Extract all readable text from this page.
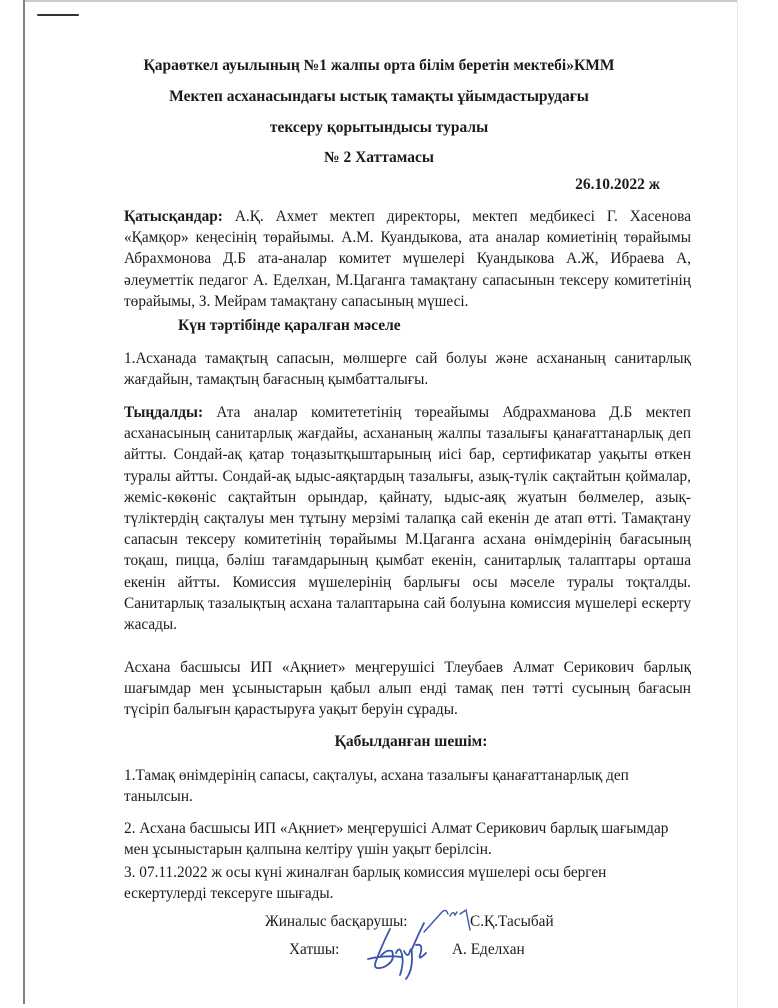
Қараөткел ауылының №1 жалпы орта білім беретін мектебі»КММ
Мектеп асханасындағы ыстық тамақты ұйымдастырудағы
тексеру қорытындысы туралы
№ 2 Хаттамасы
26.10.2022 ж
Қатысқандар: А.Қ. Ахмет мектеп директоры, мектеп медбикесі Г. Хасенова «Қамқор» кеңесінің төрайымы. А.М. Куандыкова, ата аналар комиетінің төрайымы Абрахмонова Д.Б ата-аналар комитет мүшелері Куандыкова А.Ж, Ибраева А, әлеуметтік педагог А. Еделхан, М.Цаганга тамақтану сапасынын тексеру комитетінің төрайымы, З. Мейрам тамақтану сапасының мүшесі.
Күн тәртібінде қаралған мәселе
1.Асханада тамақтың сапасын, мөлшерге сай болуы және асхананың санитарлық жағдайын, тамақтың бағасның қымбатталығы.
Тыңдалды: Ата аналар комитететінің төреайымы Абдрахманова Д.Б мектеп асханасының санитарлық жағдайы, асхананың жалпы тазалығы қанағаттанарлық деп айтты. Сондай-ақ қатар тоңазытқыштарының иісі бар, сертификатар уақыты өткен туралы айтты. Сондай-ақ ыдыс-аяқтардың тазалығы, азық-түлік сақтайтын қоймалар, жеміс-көкөніс сақтайтын орындар, қайнату, ыдыс-аяқ жуатын бөлмелер, азық-түліктердің сақталуы мен тұтыну мерзімі талапқа сай екенін де атап өтті. Тамақтану сапасын тексеру комитетінің төрайымы М.Цаганга асхана өнімдерінің бағасының тоқаш, пицца, бәліш тағамдарының қымбат екенін, санитарлық талаптары орташа екенін айтты. Комиссия мүшелерінің барлығы осы мәселе туралы тоқталды. Санитарлық тазалықтың асхана талаптарына сай болуына комиссия мүшелері ескерту жасады.
Асхана басшысы ИП «Ақниет» меңгерушісі Тлеубаев Алмат Серикович барлық шағымдар мен ұсыныстарын қабыл алып енді тамақ пен тәтті сусының бағасын түсіріп балығын қарастыруға уақыт беруін сұрады.
Қабылданған шешім:
1.Тамақ өнімдерінің сапасы, сақталуы, асхана тазалығы қанағаттанарлық деп танылсын.
2. Асхана басшысы ИП «Ақниет» меңгерушісі Алмат Серикович барлық шағымдар мен ұсыныстарын қалпына келтіру үшін уақыт берілсін.
3. 07.11.2022 ж осы күні жиналған барлық комиссия мүшелері осы берген ескертулерді тексеруге шығады.
Жиналыс басқарушы:	С.Қ.Тасыбай
Хатшы:	А. Еделхан
